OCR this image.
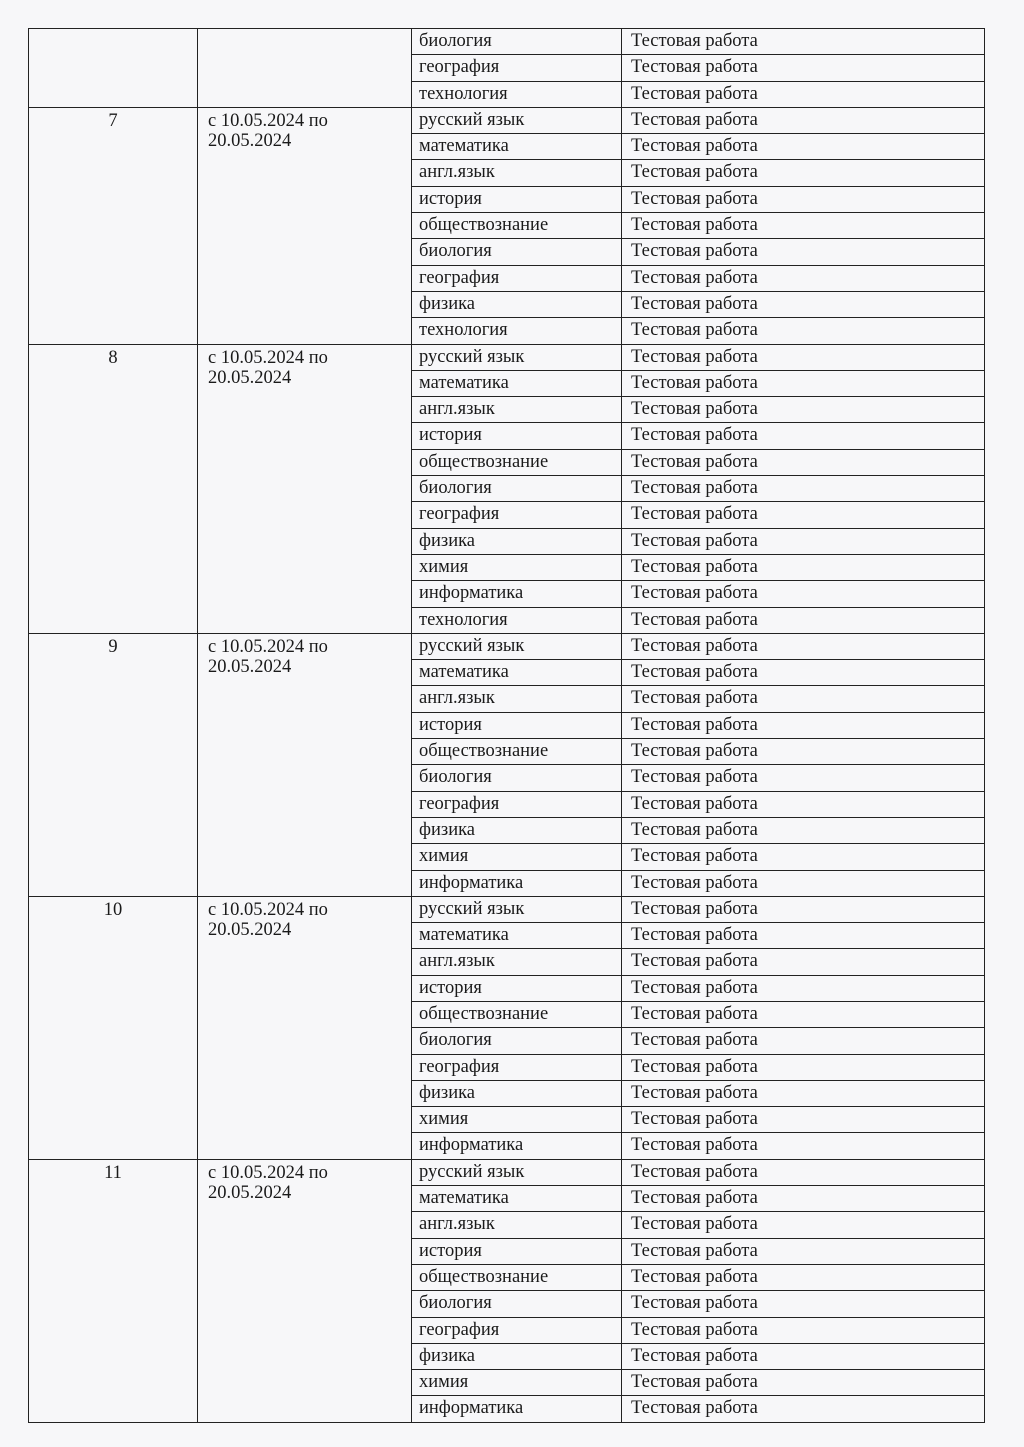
		биология	Тестовая работа
		география	Тестовая работа
		технология	Тестовая работа
7	с 10.05.2024 по 20.05.2024	русский язык	Тестовая работа
		математика	Тестовая работа
		англ.язык	Тестовая работа
		история	Тестовая работа
		обществознание	Тестовая работа
		биология	Тестовая работа
		география	Тестовая работа
		физика	Тестовая работа
		технология	Тестовая работа
8	с 10.05.2024 по 20.05.2024	русский язык	Тестовая работа
		математика	Тестовая работа
		англ.язык	Тестовая работа
		история	Тестовая работа
		обществознание	Тестовая работа
		биология	Тестовая работа
		география	Тестовая работа
		физика	Тестовая работа
		химия	Тестовая работа
		информатика	Тестовая работа
		технология	Тестовая работа
9	с 10.05.2024 по 20.05.2024	русский язык	Тестовая работа
		математика	Тестовая работа
		англ.язык	Тестовая работа
		история	Тестовая работа
		обществознание	Тестовая работа
		биология	Тестовая работа
		география	Тестовая работа
		физика	Тестовая работа
		химия	Тестовая работа
		информатика	Тестовая работа
10	с 10.05.2024 по 20.05.2024	русский язык	Тестовая работа
		математика	Тестовая работа
		англ.язык	Тестовая работа
		история	Тестовая работа
		обществознание	Тестовая работа
		биология	Тестовая работа
		география	Тестовая работа
		физика	Тестовая работа
		химия	Тестовая работа
		информатика	Тестовая работа
11	с 10.05.2024 по 20.05.2024	русский язык	Тестовая работа
		математика	Тестовая работа
		англ.язык	Тестовая работа
		история	Тестовая работа
		обществознание	Тестовая работа
		биология	Тестовая работа
		география	Тестовая работа
		физика	Тестовая работа
		химия	Тестовая работа
		информатика	Тестовая работа
